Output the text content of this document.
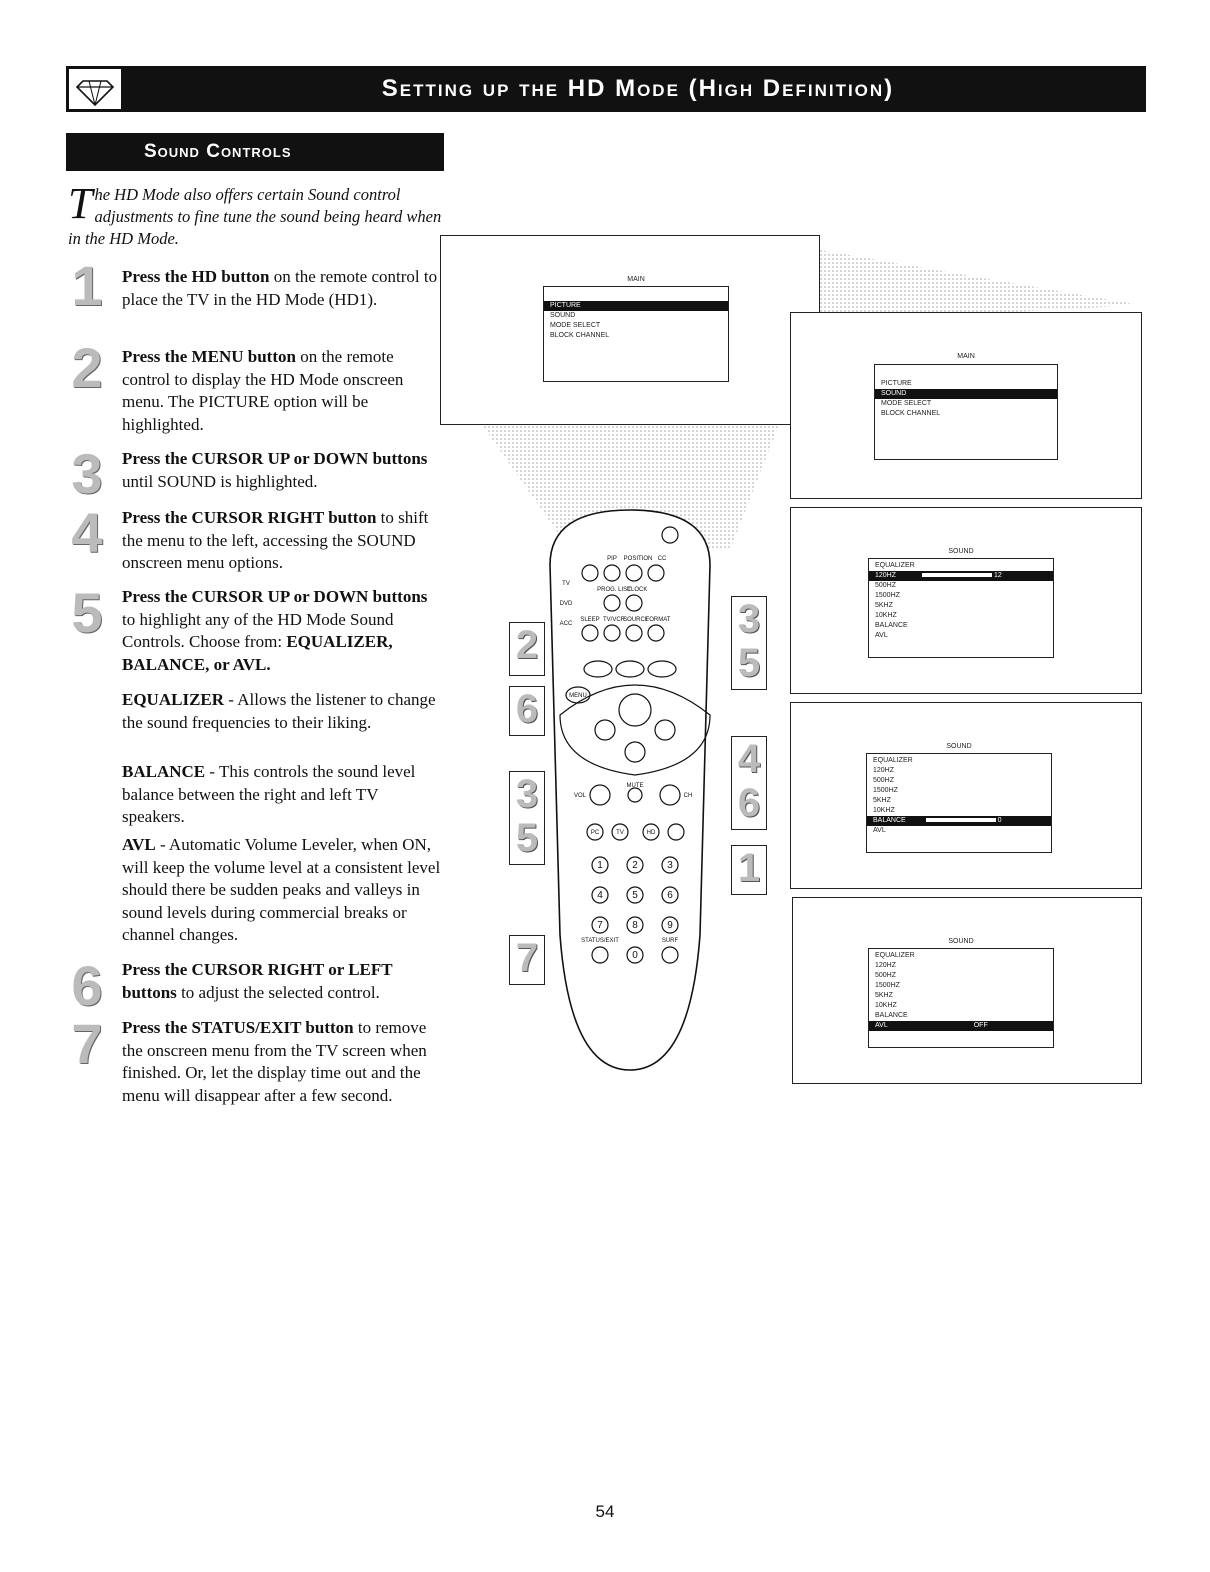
Setting up the HD Mode (High Definition)
Sound Controls
The HD Mode also offers certain Sound control adjustments to fine tune the sound being heard when in the HD Mode.
1	Press the HD button on the remote control to place the TV in the HD Mode (HD1).
2	Press the MENU button on the remote control to display the HD Mode onscreen menu. The PICTURE option will be highlighted.
3	Press the CURSOR UP or DOWN buttons until SOUND is highlighted.
4	Press the CURSOR RIGHT button to shift the menu to the left, accessing the SOUND onscreen menu options.
5	Press the CURSOR UP or DOWN buttons to highlight any of the HD Mode Sound Controls. Choose from: EQUALIZER, BALANCE, or AVL.
EQUALIZER - Allows the listener to change the sound frequencies to their liking.
BALANCE - This controls the sound level balance between the right and left TV speakers.
AVL - Automatic Volume Leveler, when ON, will keep the volume level at a consistent level should there be sudden peaks and valleys in sound levels during commercial breaks or channel changes.
6	Press the CURSOR RIGHT or LEFT buttons to adjust the selected control.
7	Press the STATUS/EXIT button to remove the onscreen menu from the TV screen when finished. Or, let the display time out and the menu will disappear after a few second.
MAIN
PICTURE
SOUND
MODE SELECT
BLOCK CHANNEL
MAIN
PICTURE
SOUND
MODE SELECT
BLOCK CHANNEL
SOUND
EQUALIZER
120HZ	12
500HZ
1500HZ
5KHZ
10KHZ
BALANCE
AVL
SOUND
EQUALIZER
120HZ
500HZ
1500HZ
5KHZ
10KHZ
BALANCE	0
AVL
SOUND
EQUALIZER
120HZ
500HZ
1500HZ
5KHZ
10KHZ
BALANCE
AVL	OFF
PIP POSITION CC
PROG. LIST
CLOCK
SLEEP TV/VCR
SOURCE
FORMAT
TV
DVD
ACC
MENU
MUTE
VOL	CH
PC	TV	HD
STATUS/EXIT	SURF
1	2	3
4	5	6
7	8	9
0
2
6
3
5
7
3
5
4
6
1
54
